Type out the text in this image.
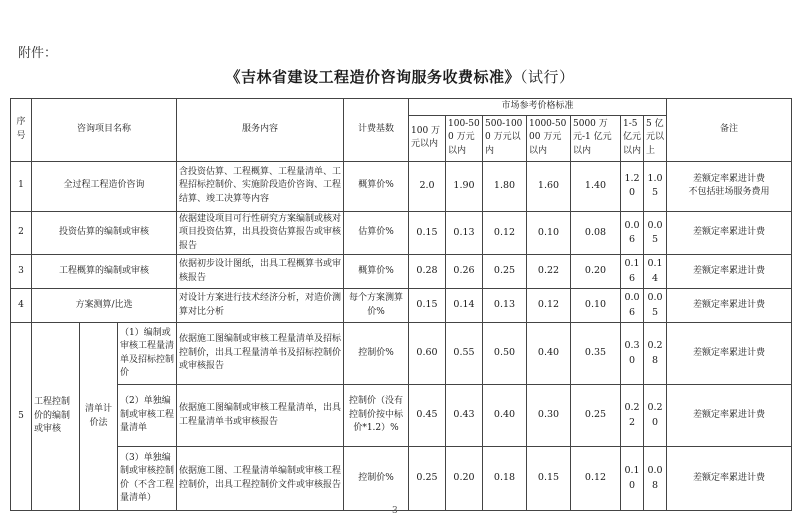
附件：
《吉林省建设工程造价咨询服务收费标准》（试行）
序号	咨询项目名称			服务内容	计费基数	市场参考价格标准							备注
						100 万元以内	100-500 万元以内	500-1000 万元以内	1000-5000 万元以内	5000 万元-1 亿元以内	1-5 亿元以内	5 亿元以上	
1	全过程工程造价咨询			含投资估算、工程概算、工程量清单、工程招标控制价、实施阶段造价咨询、工程结算、竣工决算等内容	概算价%	2.0	1.90	1.80	1.60	1.40	1.20	1.05	差额定率累进计费
不包括驻场服务费用
2	投资估算的编制或审核			依据建设项目可行性研究方案编制或核对项目投资估算，出具投资估算报告或审核报告	估算价%	0.15	0.13	0.12	0.10	0.08	0.06	0.05	差额定率累进计费
3	工程概算的编制或审核			依据初步设计图纸，出具工程概算书或审核报告	概算价%	0.28	0.26	0.25	0.22	0.20	0.16	0.14	差额定率累进计费
4	方案测算/比选			对设计方案进行技术经济分析，对造价测算对比分析	每个方案测算价%	0.15	0.14	0.13	0.12	0.10	0.06	0.05	差额定率累进计费
5	工程控制价的编制或审核	清单计价法	（1）编制或审核工程量清单及招标控制价	依据施工图编制或审核工程量清单及招标控制价，出具工程量清单书及招标控制价或审核报告	控制价%	0.60	0.55	0.50	0.40	0.35	0.30	0.28	差额定率累进计费
			（2）单独编制或审核工程量清单	依据施工图编制或审核工程量清单，出具工程量清单书或审核报告	控制价（没有控制价按中标价*1.2）%	0.45	0.43	0.40	0.30	0.25	0.22	0.20	差额定率累进计费
			（3）单独编制或审核控制价（不含工程量清单）	依据施工图、工程量清单编制或审核工程控制价，出具工程控制价文件或审核报告	控制价%	0.25	0.20	0.18	0.15	0.12	0.10	0.08	差额定率累进计费
3
